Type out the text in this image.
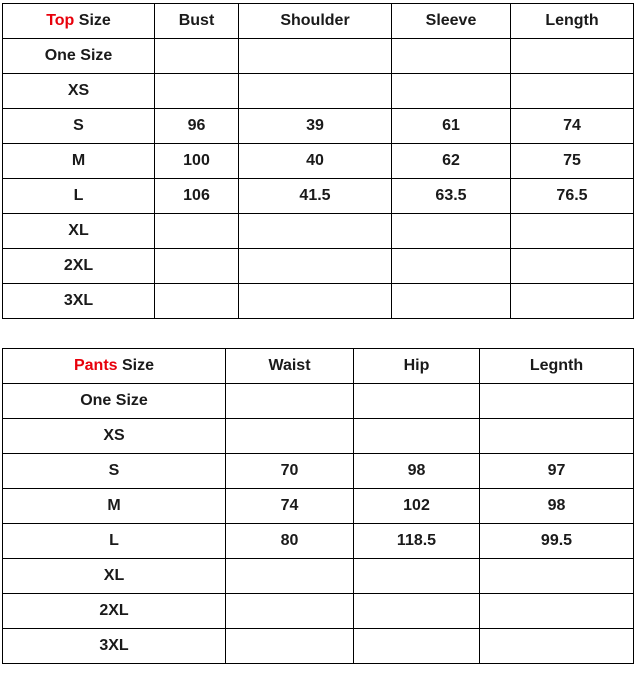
Top Size	Bust	Shoulder	Sleeve	Length
One Size				
XS				
S	96	39	61	74
M	100	40	62	75
L	106	41.5	63.5	76.5
XL				
2XL				
3XL				
Pants Size	Waist	Hip	Legnth
One Size			
XS			
S	70	98	97
M	74	102	98
L	80	118.5	99.5
XL			
2XL			
3XL			
